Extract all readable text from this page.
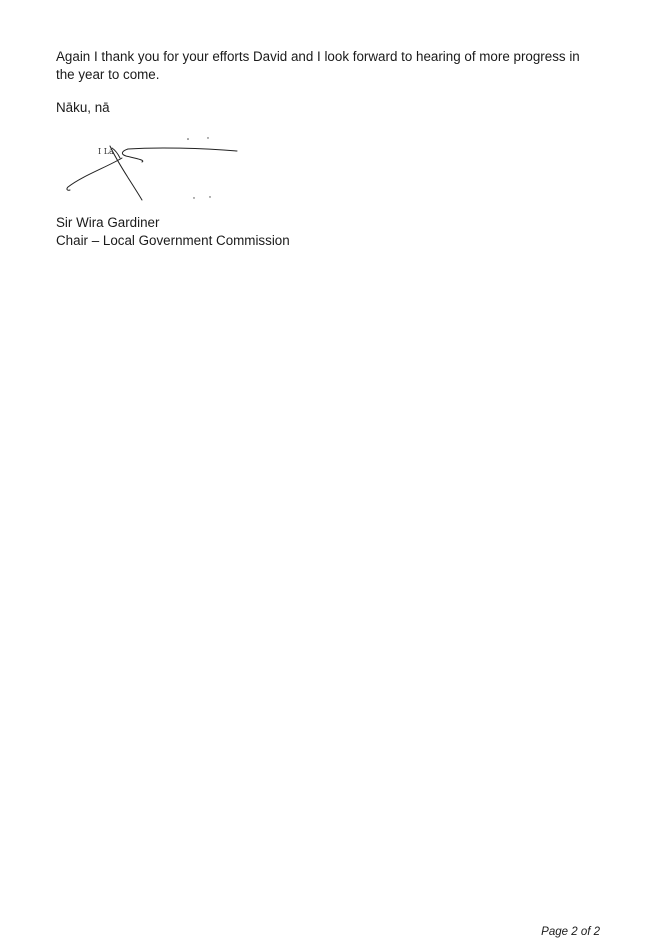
Again I thank you for your efforts David and I look forward to hearing of more progress in the year to come.

Nāku, nā

I La
Sir Wira Gardiner
Chair – Local Government Commission
Page 2 of 2
